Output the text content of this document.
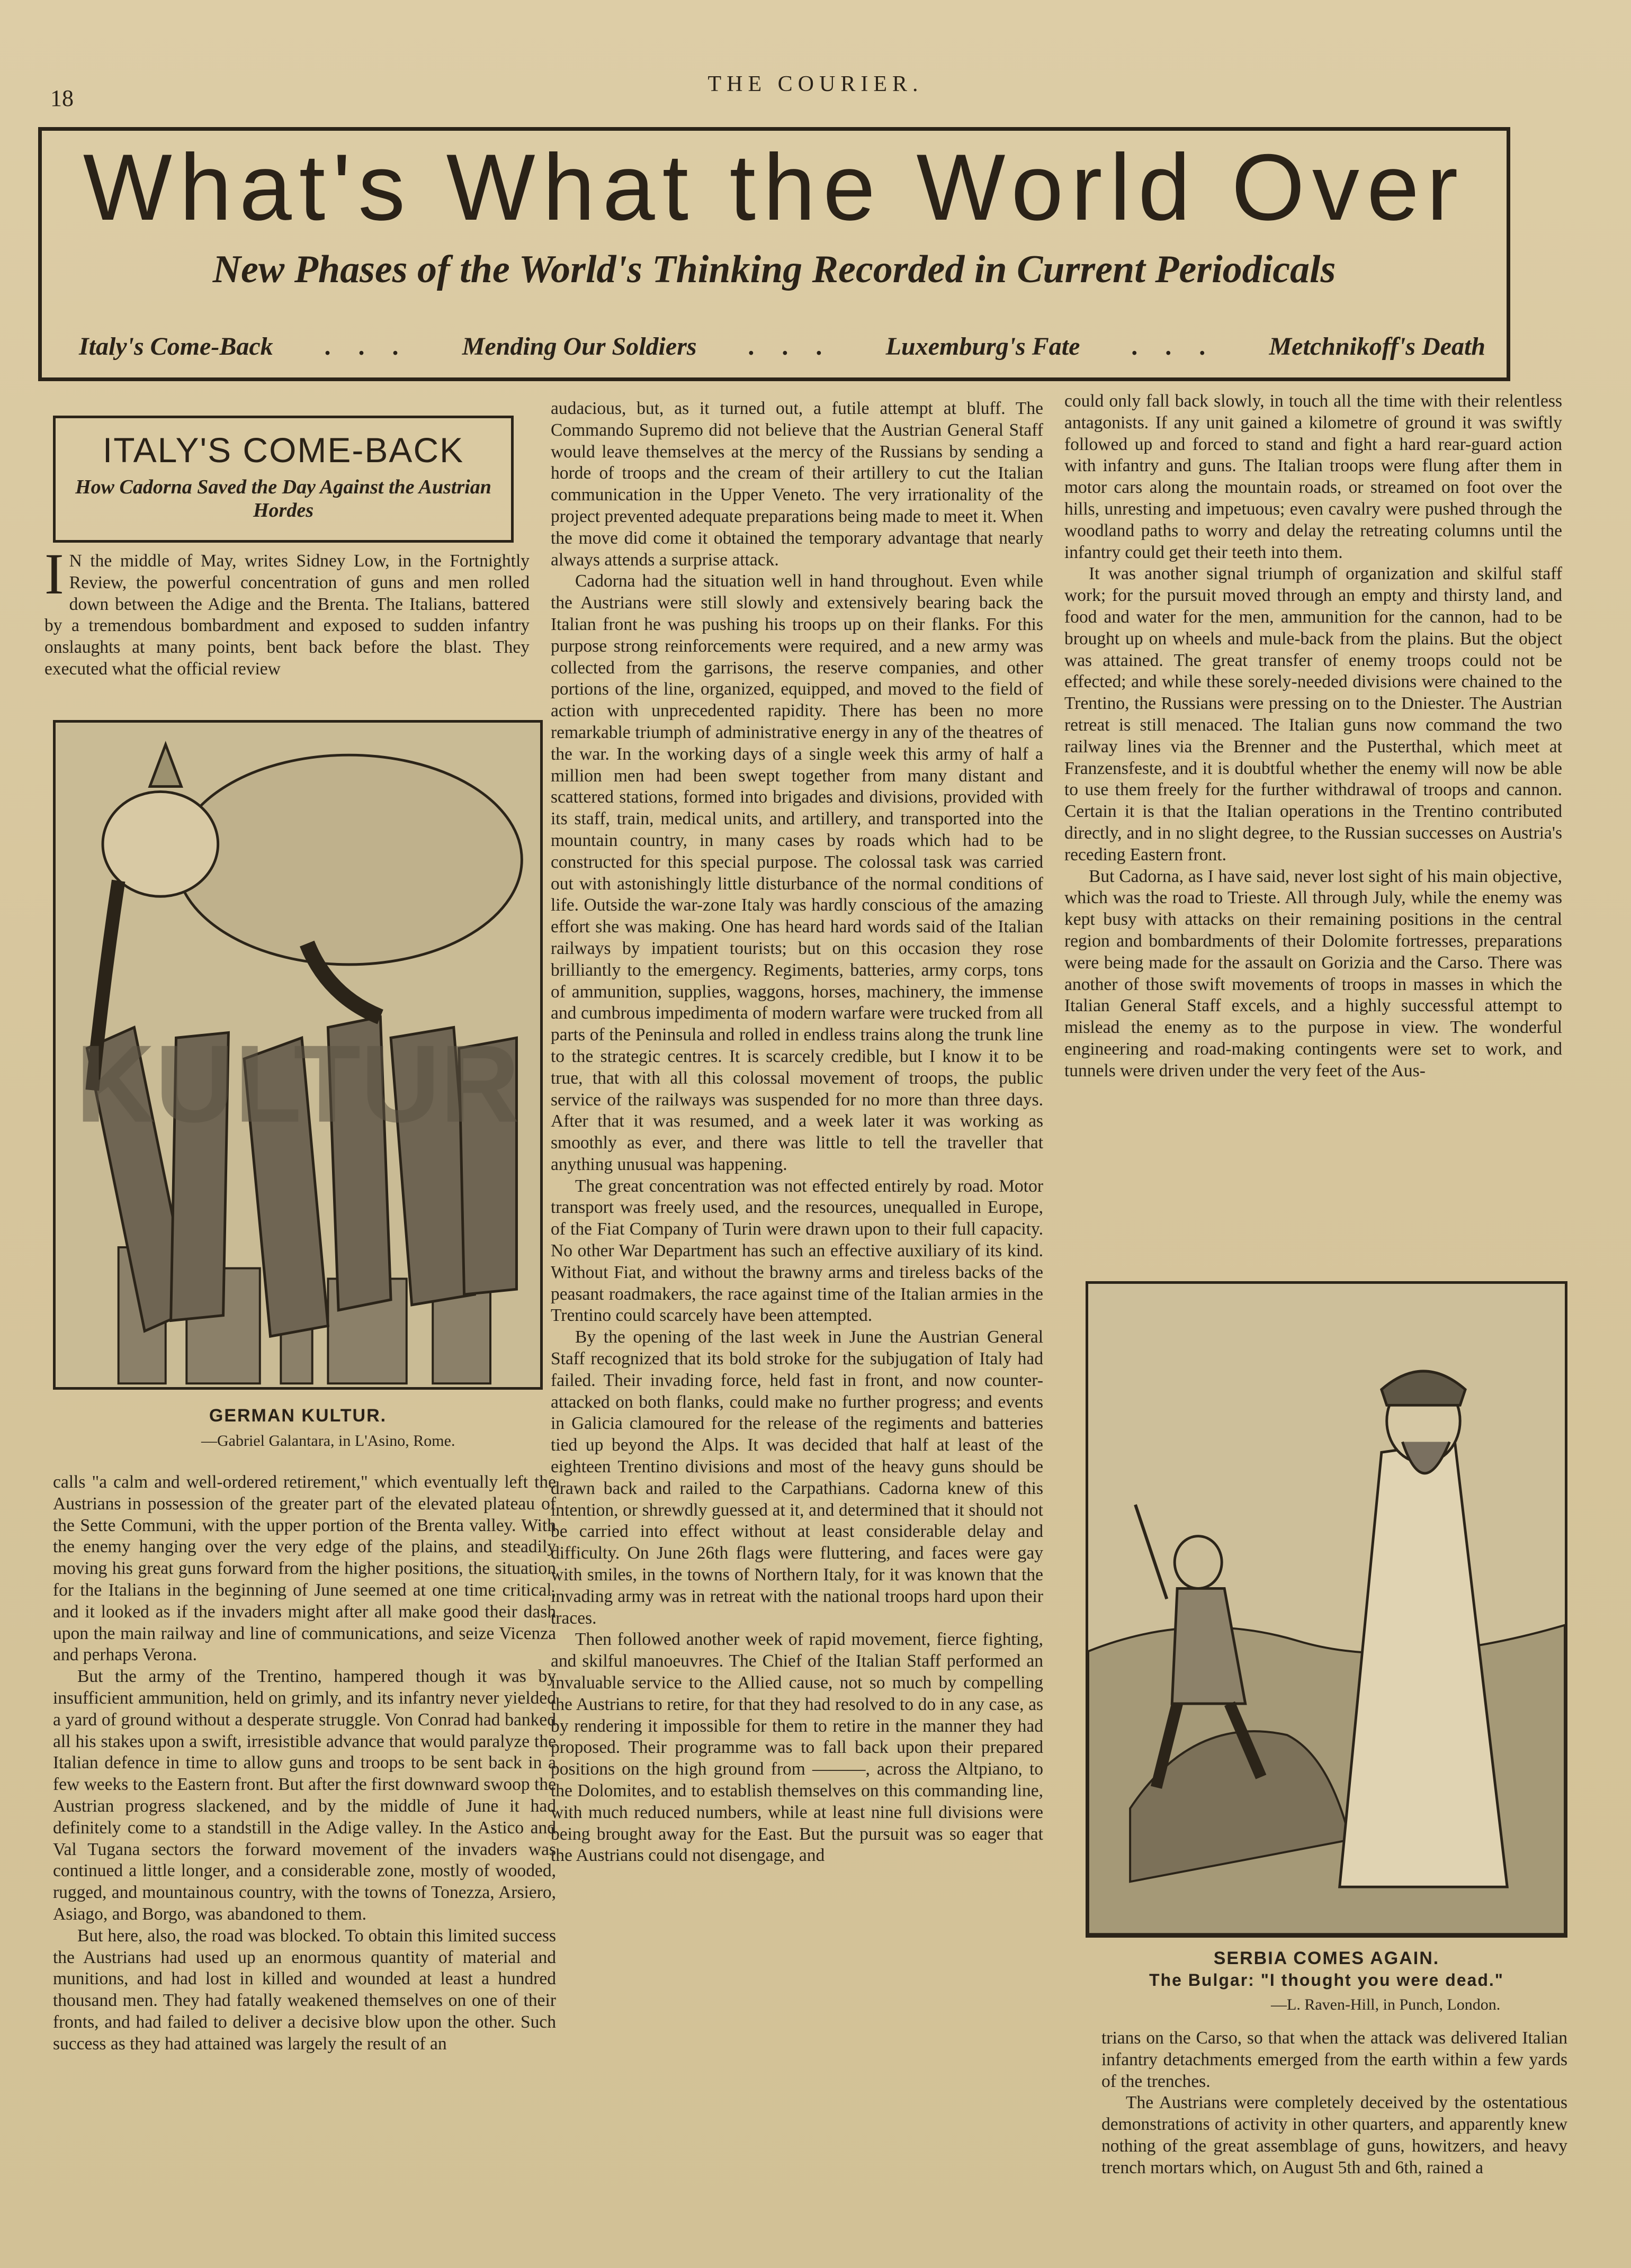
THE COURIER.
18
What's What the World Over
New Phases of the World's Thinking Recorded in Current Periodicals
Italy's Come-Back . . . Mending Our Soldiers . . . Luxemburg's Fate . . . Metchnikoff's Death
ITALY'S COME-BACK
How Cadorna Saved the Day Against the Austrian Hordes

I N the middle of May, writes Sidney Low, in the Fortnightly Review, the powerful concentration of guns and men rolled down between the Adige and the Brenta. The Italians, battered by a tremendous bombardment and exposed to sudden infantry onslaughts at many points, bent back before the blast. They executed what the official review

KULTUR
GERMAN KULTUR.
—Gabriel Galantara, in L'Asino, Rome.

calls "a calm and well-ordered retirement," which eventually left the Austrians in possession of the greater part of the elevated plateau of the Sette Communi, with the upper portion of the Brenta valley. With the enemy hanging over the very edge of the plains, and steadily moving his great guns forward from the higher positions, the situation for the Italians in the beginning of June seemed at one time critical, and it looked as if the invaders might after all make good their dash upon the main railway and line of communications, and seize Vicenza and perhaps Verona.

But the army of the Trentino, hampered though it was by insufficient ammunition, held on grimly, and its infantry never yielded a yard of ground without a desperate struggle. Von Conrad had banked all his stakes upon a swift, irresistible advance that would paralyze the Italian defence in time to allow guns and troops to be sent back in a few weeks to the Eastern front. But after the first downward swoop the Austrian progress slackened, and by the middle of June it had definitely come to a standstill in the Adige valley. In the Astico and Val Tugana sectors the forward movement of the invaders was continued a little longer, and a considerable zone, mostly of wooded, rugged, and mountainous country, with the towns of Tonezza, Arsiero, Asiago, and Borgo, was abandoned to them.

But here, also, the road was blocked. To obtain this limited success the Austrians had used up an enormous quantity of material and munitions, and had lost in killed and wounded at least a hundred thousand men. They had fatally weakened themselves on one of their fronts, and had failed to deliver a decisive blow upon the other. Such success as they had attained was largely the result of an

audacious, but, as it turned out, a futile attempt at bluff. The Commando Supremo did not believe that the Austrian General Staff would leave themselves at the mercy of the Russians by sending a horde of troops and the cream of their artillery to cut the Italian communication in the Upper Veneto. The very irrationality of the project prevented adequate preparations being made to meet it. When the move did come it obtained the temporary advantage that nearly always attends a surprise attack.

Cadorna had the situation well in hand throughout. Even while the Austrians were still slowly and extensively bearing back the Italian front he was pushing his troops up on their flanks. For this purpose strong reinforcements were required, and a new army was collected from the garrisons, the reserve companies, and other portions of the line, organized, equipped, and moved to the field of action with unprecedented rapidity. There has been no more remarkable triumph of administrative energy in any of the theatres of the war. In the working days of a single week this army of half a million men had been swept together from many distant and scattered stations, formed into brigades and divisions, provided with its staff, train, medical units, and artillery, and transported into the mountain country, in many cases by roads which had to be constructed for this special purpose. The colossal task was carried out with astonishingly little disturbance of the normal conditions of life. Outside the war-zone Italy was hardly conscious of the amazing effort she was making. One has heard hard words said of the Italian railways by impatient tourists; but on this occasion they rose brilliantly to the emergency. Regiments, batteries, army corps, tons of ammunition, supplies, waggons, horses, machinery, the immense and cumbrous impedimenta of modern warfare were trucked from all parts of the Peninsula and rolled in endless trains along the trunk line to the strategic centres. It is scarcely credible, but I know it to be true, that with all this colossal movement of troops, the public service of the railways was suspended for no more than three days. After that it was resumed, and a week later it was working as smoothly as ever, and there was little to tell the traveller that anything unusual was happening.

The great concentration was not effected entirely by road. Motor transport was freely used, and the resources, unequalled in Europe, of the Fiat Company of Turin were drawn upon to their full capacity. No other War Department has such an effective auxiliary of its kind. Without Fiat, and without the brawny arms and tireless backs of the peasant roadmakers, the race against time of the Italian armies in the Trentino could scarcely have been attempted.

By the opening of the last week in June the Austrian General Staff recognized that its bold stroke for the subjugation of Italy had failed. Their invading force, held fast in front, and now counter-attacked on both flanks, could make no further progress; and events in Galicia clamoured for the release of the regiments and batteries tied up beyond the Alps. It was decided that half at least of the eighteen Trentino divisions and most of the heavy guns should be drawn back and railed to the Carpathians. Cadorna knew of this intention, or shrewdly guessed at it, and determined that it should not be carried into effect without at least considerable delay and difficulty. On June 26th flags were fluttering, and faces were gay with smiles, in the towns of Northern Italy, for it was known that the invading army was in retreat with the national troops hard upon their traces.

Then followed another week of rapid movement, fierce fighting, and skilful manoeuvres. The Chief of the Italian Staff performed an invaluable service to the Allied cause, not so much by compelling the Austrians to retire, for that they had resolved to do in any case, as by rendering it impossible for them to retire in the manner they had proposed. Their programme was to fall back upon their prepared positions on the high ground from ———, across the Altpiano, to the Dolomites, and to establish themselves on this commanding line, with much reduced numbers, while at least nine full divisions were being brought away for the East. But the pursuit was so eager that the Austrians could not disengage, and

could only fall back slowly, in touch all the time with their relentless antagonists. If any unit gained a kilometre of ground it was swiftly followed up and forced to stand and fight a hard rear-guard action with infantry and guns. The Italian troops were flung after them in motor cars along the mountain roads, or streamed on foot over the hills, unresting and impetuous; even cavalry were pushed through the woodland paths to worry and delay the retreating columns until the infantry could get their teeth into them.

It was another signal triumph of organization and skilful staff work; for the pursuit moved through an empty and thirsty land, and food and water for the men, ammunition for the cannon, had to be brought up on wheels and mule-back from the plains. But the object was attained. The great transfer of enemy troops could not be effected; and while these sorely-needed divisions were chained to the Trentino, the Russians were pressing on to the Dniester. The Austrian retreat is still menaced. The Italian guns now command the two railway lines via the Brenner and the Pusterthal, which meet at Franzensfeste, and it is doubtful whether the enemy will now be able to use them freely for the further withdrawal of troops and cannon. Certain it is that the Italian operations in the Trentino contributed directly, and in no slight degree, to the Russian successes on Austria's receding Eastern front.

But Cadorna, as I have said, never lost sight of his main objective, which was the road to Trieste. All through July, while the enemy was kept busy with attacks on their remaining positions in the central region and bombardments of their Dolomite fortresses, preparations were being made for the assault on Gorizia and the Carso. There was another of those swift movements of troops in masses in which the Italian General Staff excels, and a highly successful attempt to mislead the enemy as to the purpose in view. The wonderful engineering and road-making contingents were set to work, and tunnels were driven under the very feet of the Aus-

SERBIA COMES AGAIN.
The Bulgar: "I thought you were dead."
—L. Raven-Hill, in Punch, London.

trians on the Carso, so that when the attack was delivered Italian infantry detachments emerged from the earth within a few yards of the trenches.

The Austrians were completely deceived by the ostentatious demonstrations of activity in other quarters, and apparently knew nothing of the great assemblage of guns, howitzers, and heavy trench mortars which, on August 5th and 6th, rained a
